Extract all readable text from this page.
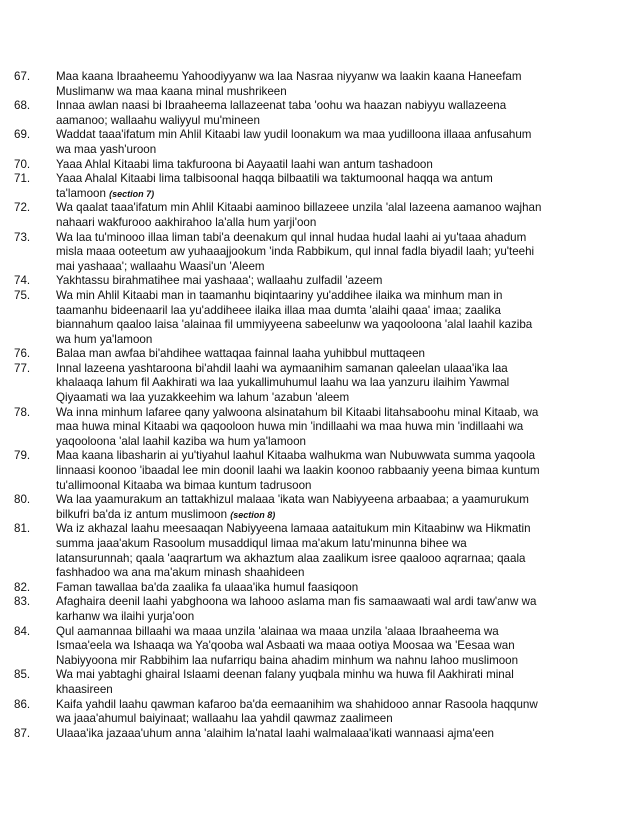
67.	Maa kaana Ibraaheemu Yahoodiyyanw wa laa Nasraa niyyanw wa laakin kaana Haneefam
Muslimanw wa maa kaana minal mushrikeen
68.	Innaa awlan naasi bi Ibraaheema lallazeenat taba 'oohu wa haazan nabiyyu wallazeena
aamanoo; wallaahu waliyyul mu'mineen
69.	Waddat taaa'ifatum min Ahlil Kitaabi law yudil loonakum wa maa yudilloona illaaa anfusahum
wa maa yash'uroon
70.	Yaaa Ahlal Kitaabi lima takfuroona bi Aayaatil laahi wan antum tashadoon
71.	Yaaa Ahalal Kitaabi lima talbisoonal haqqa bilbaatili wa taktumoonal haqqa wa antum
ta'lamoon (section 7)
72.	Wa qaalat taaa'ifatum min Ahlil Kitaabi aaminoo billazeee unzila 'alal lazeena aamanoo wajhan
nahaari wakfurooo aakhirahoo la'alla hum yarji'oon
73.	Wa laa tu'minooo illaa liman tabi'a deenakum qul innal hudaa hudal laahi ai yu'taaa ahadum
misla maaa ooteetum aw yuhaaajjookum 'inda Rabbikum, qul innal fadla biyadil laah; yu'teehi
mai yashaaa'; wallaahu Waasi'un 'Aleem
74.	Yakhtassu birahmatihee mai yashaaa'; wallaahu zulfadil 'azeem
75.	Wa min Ahlil Kitaabi man in taamanhu biqintaariny yu'addihee ilaika wa minhum man in
taamanhu bideenaaril laa yu'addiheee ilaika illaa maa dumta 'alaihi qaaa' imaa; zaalika
biannahum qaaloo laisa 'alainaa fil ummiyyeena sabeelunw wa yaqooloona 'alal laahil kaziba
wa hum ya'lamoon
76.	Balaa man awfaa bi'ahdihee wattaqaa fainnal laaha yuhibbul muttaqeen
77.	Innal lazeena yashtaroona bi'ahdil laahi wa aymaanihim samanan qaleelan ulaaa'ika laa
khalaaqa lahum fil Aakhirati wa laa yukallimuhumul laahu wa laa yanzuru ilaihim Yawmal
Qiyaamati wa laa yuzakkeehim wa lahum 'azabun 'aleem
78.	Wa inna minhum lafaree qany yalwoona alsinatahum bil Kitaabi litahsaboohu minal Kitaab, wa
maa huwa minal Kitaabi wa qaqooloon huwa min 'indillaahi wa maa huwa min 'indillaahi wa
yaqooloona 'alal laahil kaziba wa hum ya'lamoon
79.	Maa kaana libasharin ai yu'tiyahul laahul Kitaaba walhukma wan Nubuwwata summa yaqoola
linnaasi koonoo 'ibaadal lee min doonil laahi wa laakin koonoo rabbaaniy yeena bimaa kuntum
tu'allimoonal Kitaaba wa bimaa kuntum tadrusoon
80.	Wa laa yaamurakum an tattakhizul malaaa 'ikata wan Nabiyyeena arbaabaa; a yaamurukum
bilkufri ba'da iz antum muslimoon (section 8)
81.	Wa iz akhazal laahu meesaaqan Nabiyyeena lamaaa aataitukum min Kitaabinw wa Hikmatin
summa jaaa'akum Rasoolum musaddiqul limaa ma'akum latu'minunna bihee wa
latansurunnah; qaala 'aaqrartum wa akhaztum alaa zaalikum isree qaalooo aqrarnaa; qaala
fashhadoo wa ana ma'akum minash shaahideen
82.	Faman tawallaa ba'da zaalika fa ulaaa'ika humul faasiqoon
83.	Afaghaira deenil laahi yabghoona wa lahooo aslama man fis samaawaati wal ardi taw'anw wa
karhanw wa ilaihi yurja'oon
84.	Qul aamannaa billaahi wa maaa unzila 'alainaa wa maaa unzila 'alaaa Ibraaheema wa
Ismaa'eela wa Ishaaqa wa Ya'qooba wal Asbaati wa maaa ootiya Moosaa wa 'Eesaa wan
Nabiyyoona mir Rabbihim laa nufarriqu baina ahadim minhum wa nahnu lahoo muslimoon
85.	Wa mai yabtaghi ghairal Islaami deenan falany yuqbala minhu wa huwa fil Aakhirati minal
khaasireen
86.	Kaifa yahdil laahu qawman kafaroo ba'da eemaanihim wa shahidooo annar Rasoola haqqunw
wa jaaa'ahumul baiyinaat; wallaahu laa yahdil qawmaz zaalimeen
87.	Ulaaa'ika jazaaa'uhum anna 'alaihim la'natal laahi walmalaaa'ikati wannaasi ajma'een
